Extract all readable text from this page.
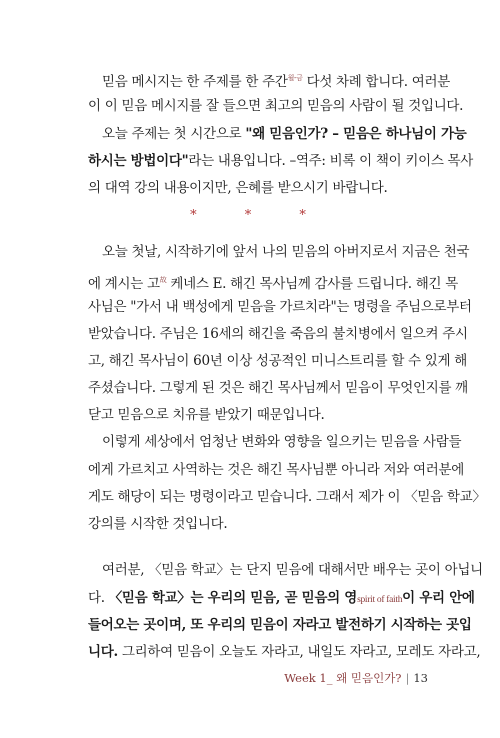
믿음 메시지는 한 주제를 한 주간$^{월-금}$ 다섯 차례 합니다. 여러분
이 이 믿음 메시지를 잘 들으면 최고의 믿음의 사람이 될 것입니다.
오늘 주제는 첫 시간으로 "왜 믿음인가? – 믿음은 하나님이 가능
하시는 방법이다"라는 내용입니다. –역주: 비록 이 책이 키이스 목사
의 대역 강의 내용이지만, 은혜를 받으시기 바랍니다.
* * *
오늘 첫날, 시작하기에 앞서 나의 믿음의 아버지로서 지금은 천국
에 계시는 고$^故$ 케네스 E. 해긴 목사님께 감사를 드립니다. 해긴 목
사님은 "가서 내 백성에게 믿음을 가르치라"는 명령을 주님으로부터
받았습니다. 주님은 16세의 해긴을 죽음의 불치병에서 일으켜 주시
고, 해긴 목사님이 60년 이상 성공적인 미니스트리를 할 수 있게 해
주셨습니다. 그렇게 된 것은 해긴 목사님께서 믿음이 무엇인지를 깨
닫고 믿음으로 치유를 받았기 때문입니다.
이렇게 세상에서 엄청난 변화와 영향을 일으키는 믿음을 사람들
에게 가르치고 사역하는 것은 해긴 목사님뿐 아니라 저와 여러분에
게도 해당이 되는 명령이라고 믿습니다. 그래서 제가 이 〈믿음 학교〉
강의를 시작한 것입니다.
여러분, 〈믿음 학교〉는 단지 믿음에 대해서만 배우는 곳이 아닙니
다. 〈믿음 학교〉는 우리의 믿음, 곧 믿음의 영spirit of faith이 우리 안에
들어오는 곳이며, 또 우리의 믿음이 자라고 발전하기 시작하는 곳입
니다. 그리하여 믿음이 오늘도 자라고, 내일도 자라고, 모레도 자라고,
Week 1_ 왜 믿음인가? | 13
